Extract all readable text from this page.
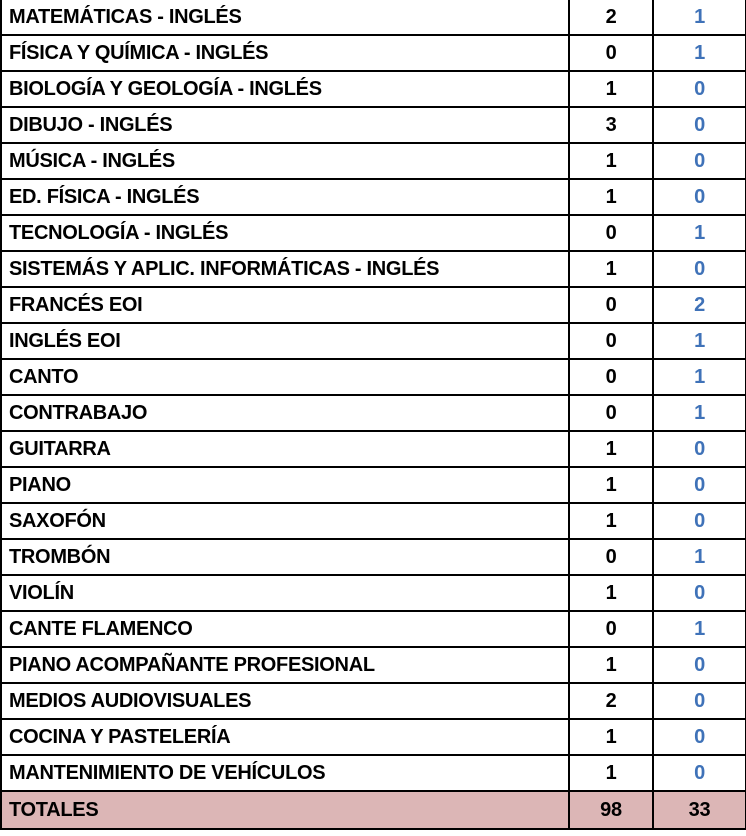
MATEMÁTICAS - INGLÉS	2	1
FÍSICA Y QUÍMICA - INGLÉS	0	1
BIOLOGÍA Y GEOLOGÍA - INGLÉS	1	0
DIBUJO - INGLÉS	3	0
MÚSICA - INGLÉS	1	0
ED. FÍSICA - INGLÉS	1	0
TECNOLOGÍA - INGLÉS	0	1
SISTEMÁS Y APLIC. INFORMÁTICAS - INGLÉS	1	0
FRANCÉS EOI	0	2
INGLÉS EOI	0	1
CANTO	0	1
CONTRABAJO	0	1
GUITARRA	1	0
PIANO	1	0
SAXOFÓN	1	0
TROMBÓN	0	1
VIOLÍN	1	0
CANTE FLAMENCO	0	1
PIANO ACOMPAÑANTE PROFESIONAL	1	0
MEDIOS AUDIOVISUALES	2	0
COCINA Y PASTELERÍA	1	0
MANTENIMIENTO DE VEHÍCULOS	1	0
TOTALES	98	33
